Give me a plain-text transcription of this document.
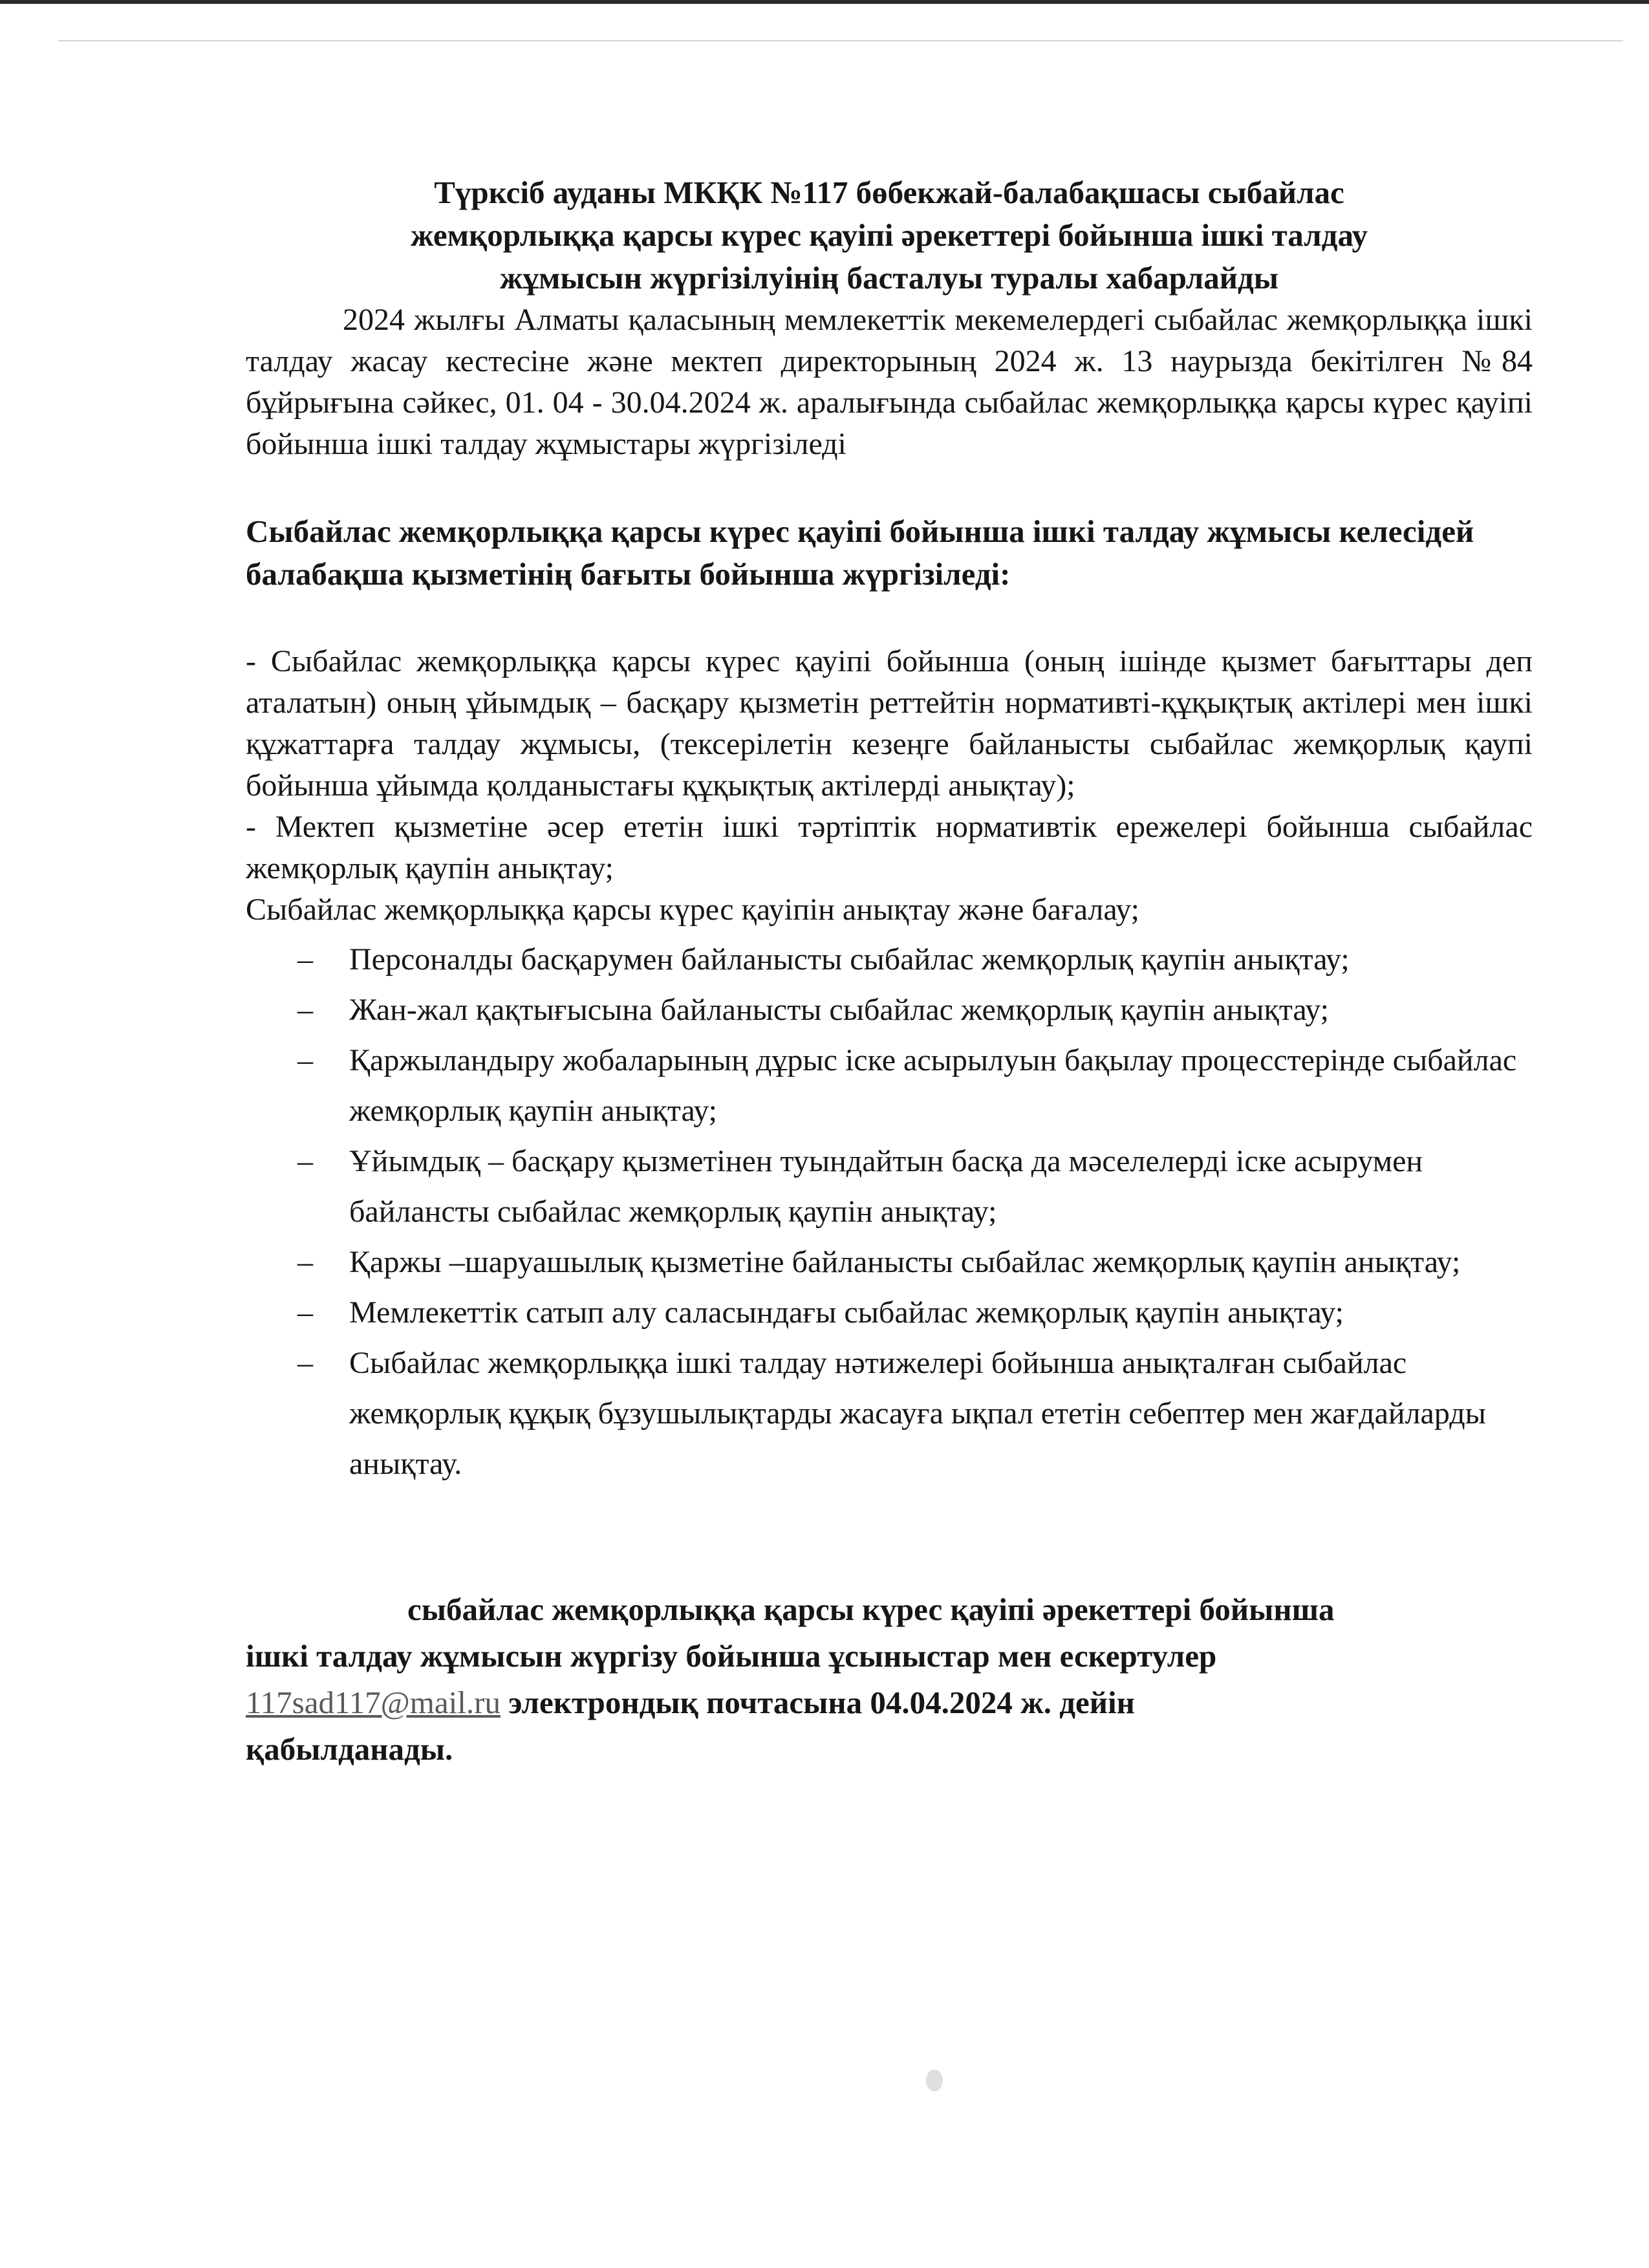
Түрксіб ауданы МКҚК №117 бөбекжай-балабақшасы сыбайлас
жемқорлыққа қарсы күрес қауіпі әрекеттері бойынша ішкі талдау
жұмысын жүргізілуінің басталуы туралы хабарлайды

2024 жылғы Алматы қаласының мемлекеттік мекемелердегі сыбайлас жемқорлыққа ішкі талдау жасау кестесіне және мектеп директорының 2024 ж. 13 наурызда бекітілген №84 бұйрығына сәйкес, 01. 04 - 30.04.2024 ж. аралығында сыбайлас жемқорлыққа қарсы күрес қауіпі бойынша ішкі талдау жұмыстары жүргізіледі

Сыбайлас жемқорлыққа қарсы күрес қауіпі бойынша ішкі талдау жұмысы келесідей балабақша қызметінің бағыты бойынша жүргізіледі:

- Сыбайлас жемқорлыққа қарсы күрес қауіпі бойынша (оның ішінде қызмет бағыттары деп аталатын) оның ұйымдық – басқару қызметін реттейтін нормативті-құқықтық актілері мен ішкі құжаттарға талдау жұмысы, (тексерілетін кезеңге байланысты сыбайлас жемқорлық қаупі бойынша ұйымда қолданыстағы құқықтық актілерді анықтау);

- Мектеп қызметіне әсер ететін ішкі тәртіптік нормативтік ережелері бойынша сыбайлас жемқорлық қаупін анықтау;

Сыбайлас жемқорлыққа қарсы күрес қауіпін анықтау және бағалау;

– Персоналды басқарумен байланысты сыбайлас жемқорлық қаупін анықтау;
– Жан-жал қақтығысына байланысты сыбайлас жемқорлық қаупін анықтау;
– Қаржыландыру жобаларының дұрыс іске асырылуын бақылау процесстерінде сыбайлас жемқорлық қаупін анықтау;
– Ұйымдық – басқару қызметінен туындайтын басқа да мәселелерді іске асырумен байланcты сыбайлас жемқорлық қаупін анықтау;
– Қаржы –шаруашылық қызметіне байланысты сыбайлас жемқорлық қаупін анықтау;
– Мемлекеттік сатып алу саласындағы сыбайлас жемқорлық қаупін анықтау;
– Сыбайлас жемқорлыққа ішкі талдау нәтижелері бойынша анықталған сыбайлас жемқорлық құқық бұзушылықтарды жасауға ықпал ететін себептер мен жағдайларды анықтау.
сыбайлас жемқорлыққа қарсы күрес қауіпі әрекеттері бойынша
ішкі талдау жұмысын жүргізу бойынша ұсыныстар мен ескертулер
117sad117@mail.ru электрондық почтасына 04.04.2024 ж. дейін
қабылданады.
